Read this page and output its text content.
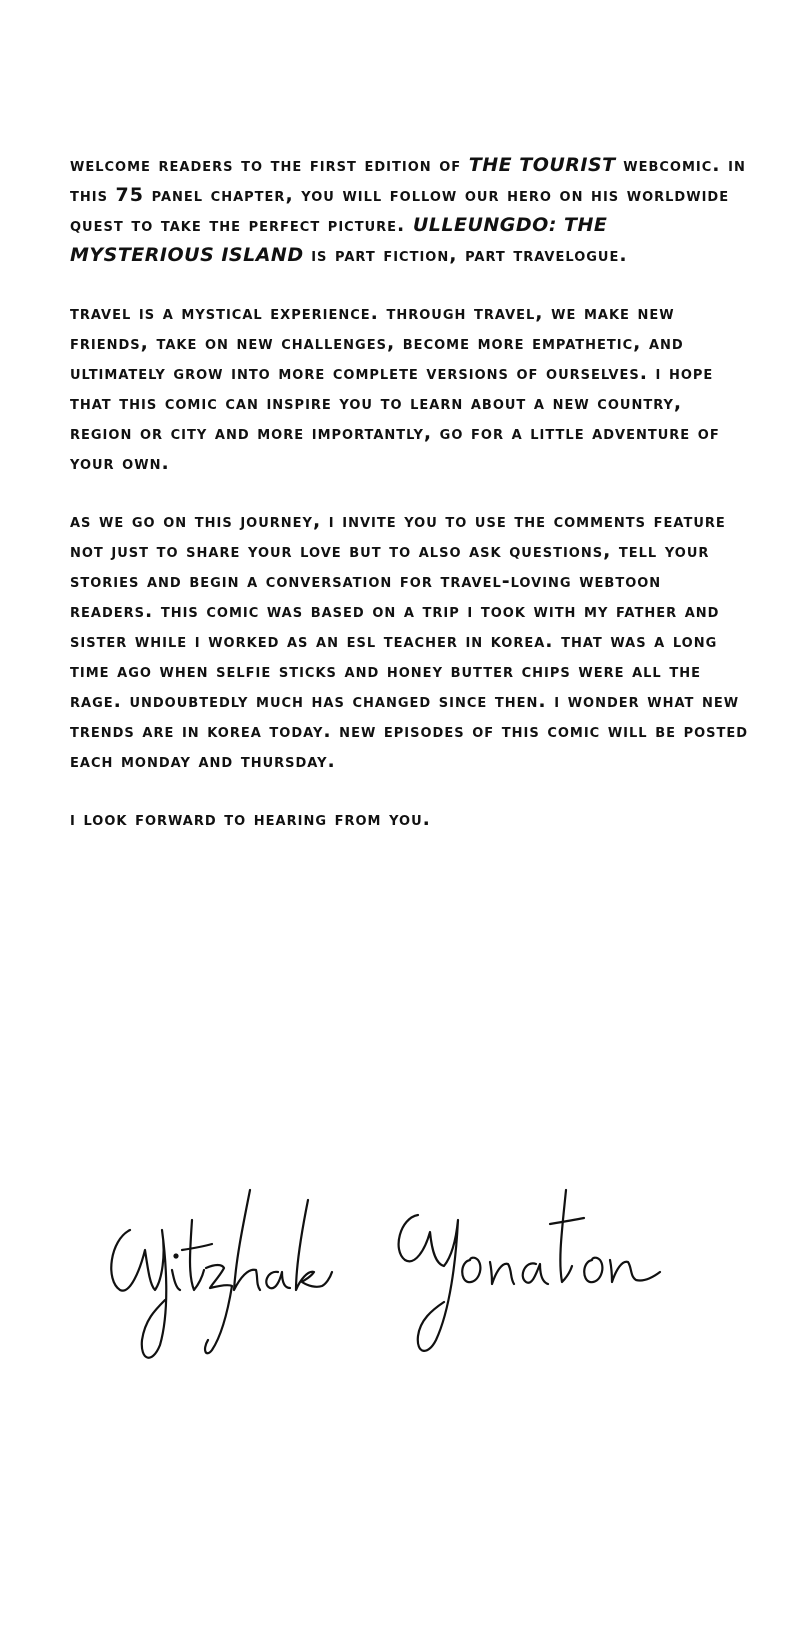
welcome readers to the first edition of THE TOURIST webcomic. in this 75 panel chapter, you will follow our hero on his worldwide quest to take the perfect picture. ULLEUNGDO: THE MYSTERIOUS ISLAND is part fiction, part travelogue.

travel is a mystical experience. through travel, we make new friends, take on new challenges, become more empathetic, and ultimately grow into more complete versions of ourselves. i hope that this comic can inspire you to learn about a new country, region or city and more importantly, go for a little adventure of your own.

as we go on this journey, i invite you to use the comments feature not just to share your love but to also ask questions, tell your stories and begin a conversation for travel-loving webtoon readers. this comic was based on a trip i took with my father and sister while i worked as an esl teacher in korea. that was a long time ago when selfie sticks and honey butter chips were all the rage. undoubtedly much has changed since then. i wonder what new trends are in korea today. new episodes of this comic will be posted each monday and thursday.

i look forward to hearing from you.
